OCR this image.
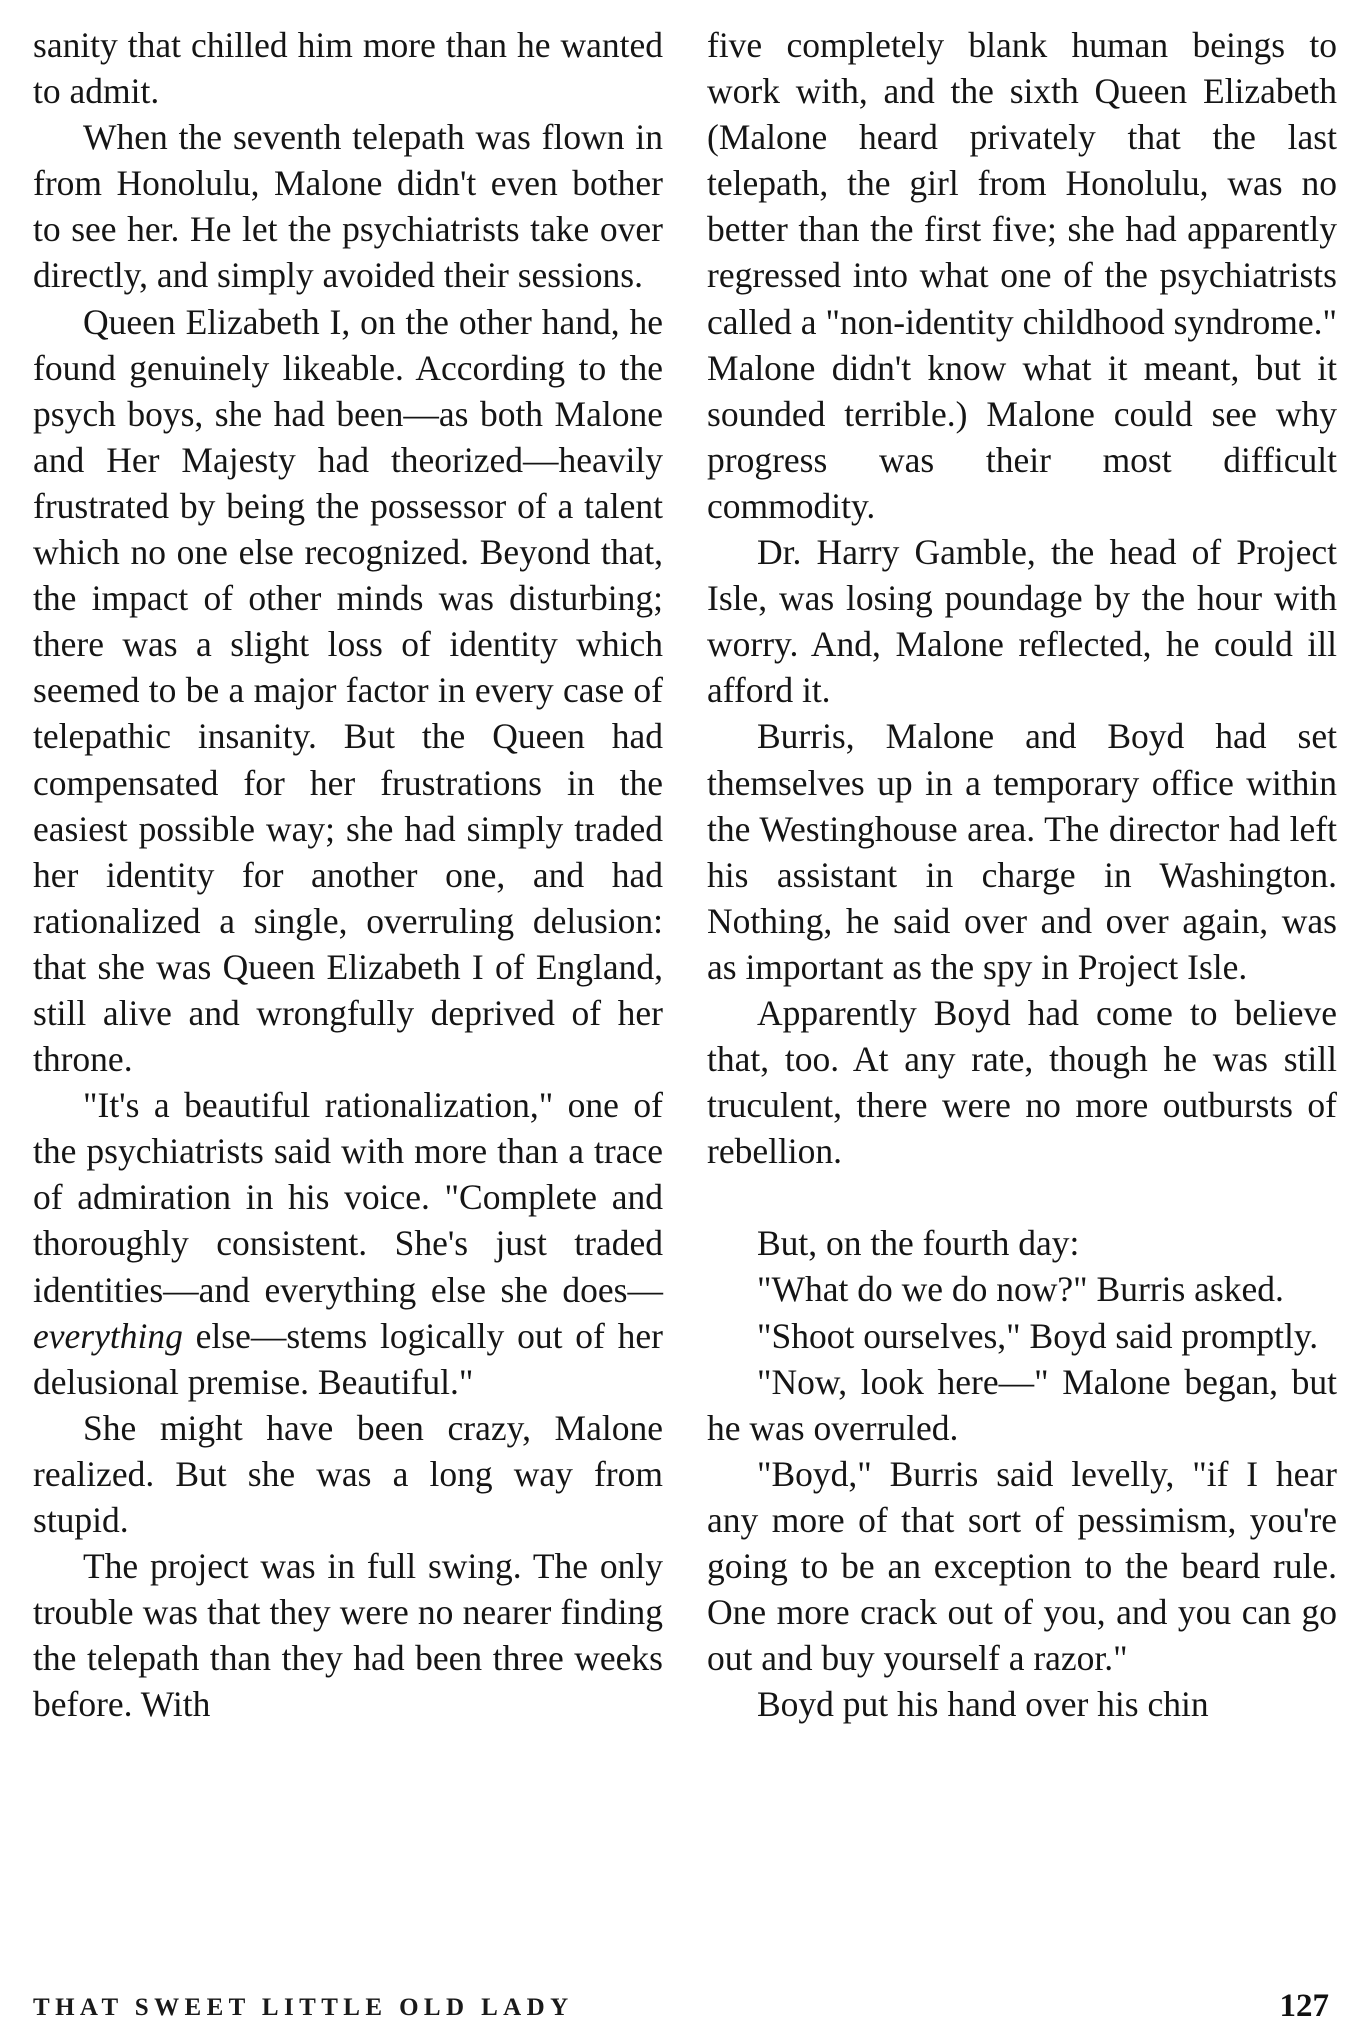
sanity that chilled him more than he wanted to admit.

When the seventh telepath was flown in from Honolulu, Malone didn't even bother to see her. He let the psychiatrists take over directly, and simply avoided their sessions.

Queen Elizabeth I, on the other hand, he found genuinely likeable. According to the psych boys, she had been—as both Malone and Her Majesty had theorized—heavily frustrated by being the possessor of a talent which no one else recognized. Beyond that, the impact of other minds was disturbing; there was a slight loss of identity which seemed to be a major factor in every case of telepathic insanity. But the Queen had compensated for her frustrations in the easiest possible way; she had simply traded her identity for another one, and had rationalized a single, overruling delusion: that she was Queen Elizabeth I of England, still alive and wrongfully deprived of her throne.

"It's a beautiful rationalization," one of the psychiatrists said with more than a trace of admiration in his voice. "Complete and thoroughly consistent. She's just traded identities—and everything else she does—everything else—stems logically out of her delusional premise. Beautiful."

She might have been crazy, Malone realized. But she was a long way from stupid.

The project was in full swing. The only trouble was that they were no nearer finding the telepath than they had been three weeks before. With

five completely blank human beings to work with, and the sixth Queen Elizabeth (Malone heard privately that the last telepath, the girl from Honolulu, was no better than the first five; she had apparently regressed into what one of the psychiatrists called a "non-identity childhood syndrome." Malone didn't know what it meant, but it sounded terrible.) Malone could see why progress was their most difficult commodity.

Dr. Harry Gamble, the head of Project Isle, was losing poundage by the hour with worry. And, Malone reflected, he could ill afford it.

Burris, Malone and Boyd had set themselves up in a temporary office within the Westinghouse area. The director had left his assistant in charge in Washington. Nothing, he said over and over again, was as important as the spy in Project Isle.

Apparently Boyd had come to believe that, too. At any rate, though he was still truculent, there were no more outbursts of rebellion.

But, on the fourth day:

"What do we do now?" Burris asked.

"Shoot ourselves," Boyd said promptly.

"Now, look here—" Malone began, but he was overruled.

"Boyd," Burris said levelly, "if I hear any more of that sort of pessimism, you're going to be an exception to the beard rule. One more crack out of you, and you can go out and buy yourself a razor."

Boyd put his hand over his chin

THAT SWEET LITTLE OLD LADY	127
